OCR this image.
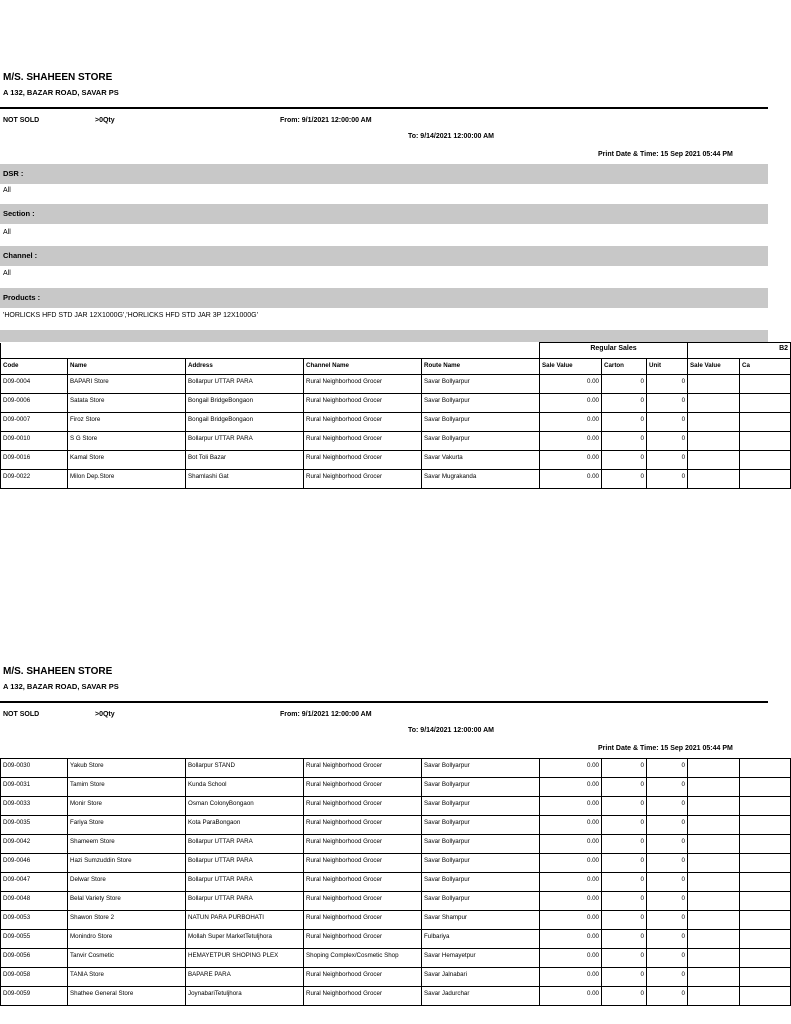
M/S. SHAHEEN STORE
A 132, BAZAR ROAD, SAVAR PS
NOT SOLD	>0Qty	From: 9/1/2021 12:00:00 AM
To: 9/14/2021 12:00:00 AM
Print Date & Time: 15 Sep 2021 05:44 PM
DSR :
All
Section :
All
Channel :
All
Products :
'HORLICKS HFD STD JAR 12X1000G','HORLICKS HFD STD JAR 3P 12X1000G'
					Regular Sales			B2	
Code	Name	Address	Channel Name	Route Name	Sale Value	Carton	Unit	Sale Value	Ca
D09-0004	BAPARI Store	Bollarpur UTTAR PARA	Rural Neighborhood Grocer	Savar Bollyarpur	0.00	0	0		
D09-0006	Satata Store	Bongail BridgeBongaon	Rural Neighborhood Grocer	Savar Bollyarpur	0.00	0	0		
D09-0007	Firoz Store	Bongail BridgeBongaon	Rural Neighborhood Grocer	Savar Bollyarpur	0.00	0	0		
D09-0010	S G Store	Bollarpur UTTAR PARA	Rural Neighborhood Grocer	Savar Bollyarpur	0.00	0	0		
D09-0016	Kamal Store	Bot Toli Bazar	Rural Neighborhood Grocer	Savar Vakurta	0.00	0	0		
D09-0022	Milon Dep.Store	Shamlashi Gat	Rural Neighborhood Grocer	Savar Mugrakanda	0.00	0	0		
M/S. SHAHEEN STORE
A 132, BAZAR ROAD, SAVAR PS
NOT SOLD	>0Qty	From: 9/1/2021 12:00:00 AM
To: 9/14/2021 12:00:00 AM
Print Date & Time: 15 Sep 2021 05:44 PM
D09-0030	Yakub Store	Bollarpur STAND	Rural Neighborhood Grocer	Savar Bollyarpur	0.00	0	0		
D09-0031	Tamim Store	Kunda School	Rural Neighborhood Grocer	Savar Bollyarpur	0.00	0	0		
D09-0033	Monir Store	Osman ColonyBongaon	Rural Neighborhood Grocer	Savar Bollyarpur	0.00	0	0		
D09-0035	Fariya Store	Kota ParaBongaon	Rural Neighborhood Grocer	Savar Bollyarpur	0.00	0	0		
D09-0042	Shameem Store	Bollarpur UTTAR PARA	Rural Neighborhood Grocer	Savar Bollyarpur	0.00	0	0		
D09-0046	Hazi Sumzuddin Store	Bollarpur UTTAR PARA	Rural Neighborhood Grocer	Savar Bollyarpur	0.00	0	0		
D09-0047	Delwar Store	Bollarpur UTTAR PARA	Rural Neighborhood Grocer	Savar Bollyarpur	0.00	0	0		
D09-0048	Belal Variety Store	Bollarpur UTTAR PARA	Rural Neighborhood Grocer	Savar Bollyarpur	0.00	0	0		
D09-0053	Shawon Store 2	NATUN PARA PURBOHATI	Rural Neighborhood Grocer	Savar Shampur	0.00	0	0		
D09-0055	Monindro Store	Mollah Super MarketTetuljhora	Rural Neighborhood Grocer	Fulbariya	0.00	0	0		
D09-0056	Tanvir Cosmetic	HEMAYETPUR SHOPING PLEX	Shoping Complex/Cosmetic Shop	Savar Hemayetpur	0.00	0	0		
D09-0058	TANIA Store	BAPARE PARA	Rural Neighborhood Grocer	Savar Jalnabari	0.00	0	0		
D09-0059	Shathee General Store	JoynabariTetuljhora	Rural Neighborhood Grocer	Savar Jadurchar	0.00	0	0		
